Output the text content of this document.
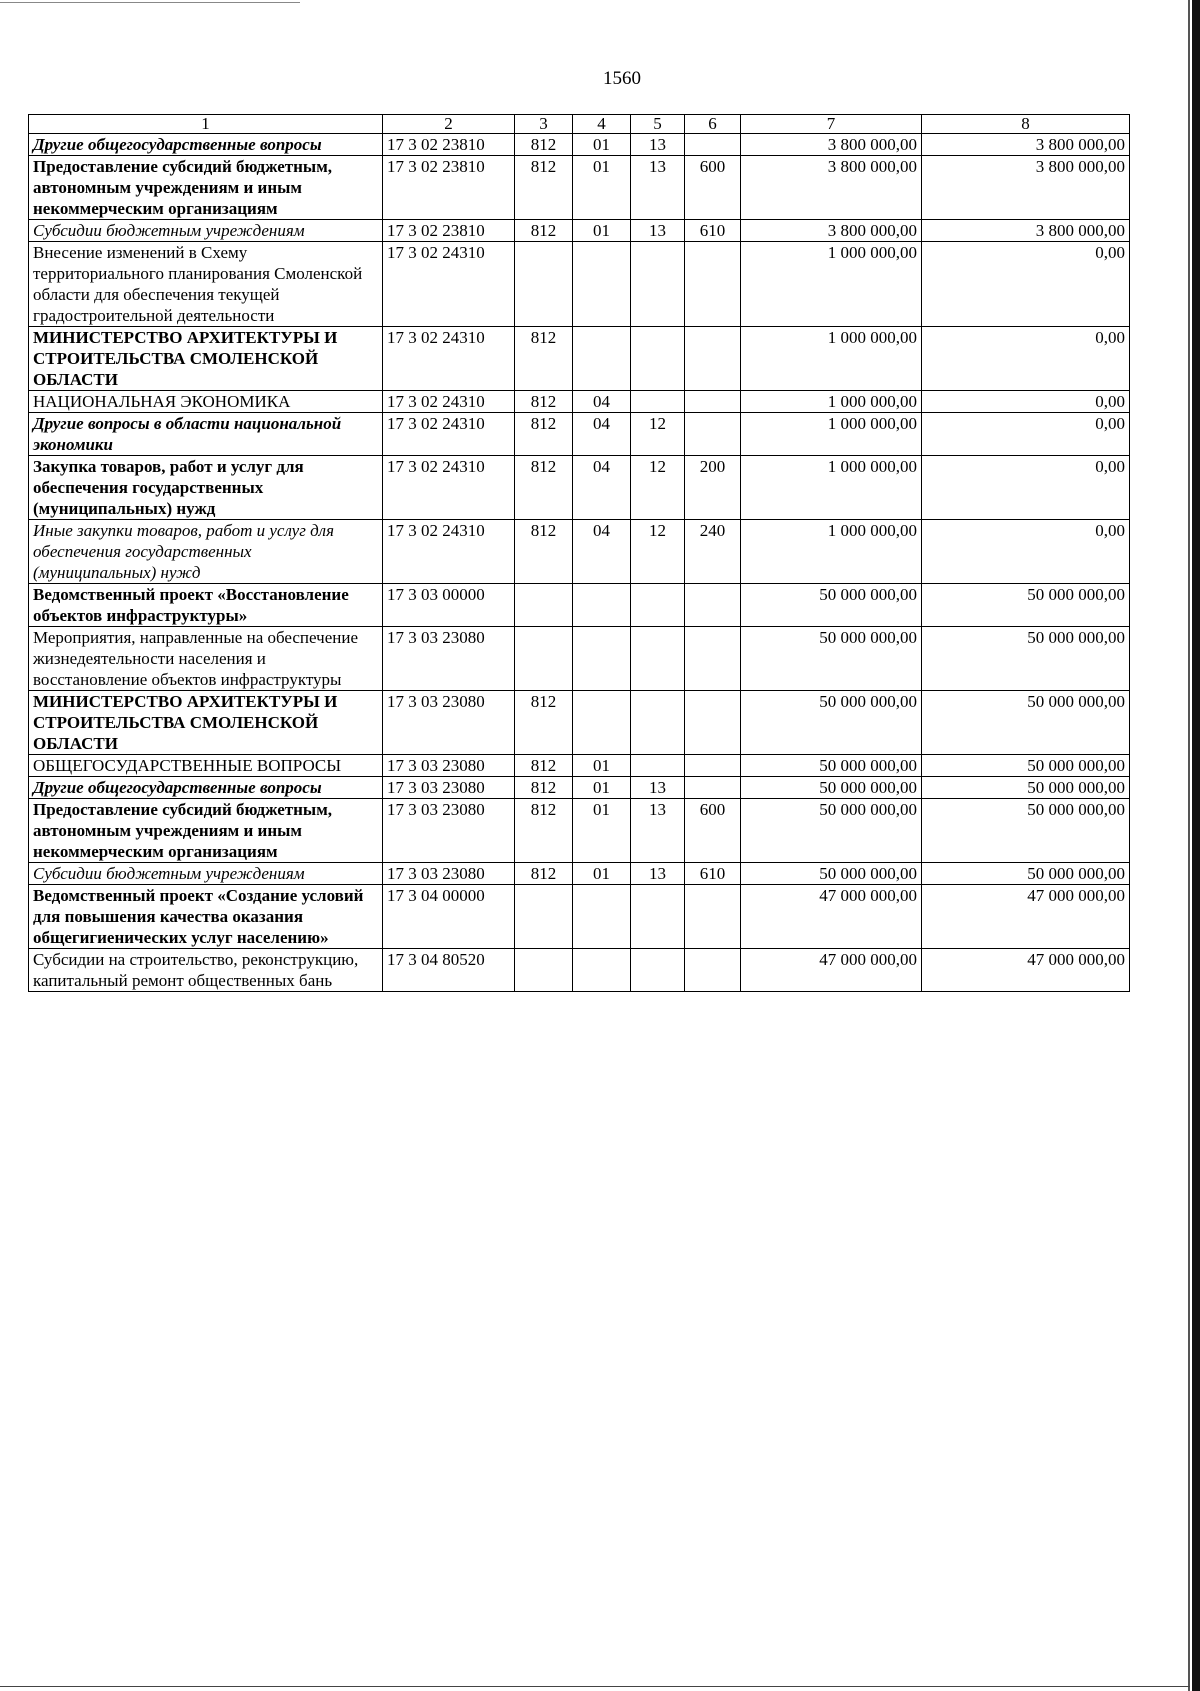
1560
1	2	3	4	5	6	7	8
Другие общегосударственные вопросы	17 3 02 23810	812	01	13		3 800 000,00	3 800 000,00
Предоставление субсидий бюджетным, автономным учреждениям и иным некоммерческим организациям	17 3 02 23810	812	01	13	600	3 800 000,00	3 800 000,00
Субсидии бюджетным учреждениям	17 3 02 23810	812	01	13	610	3 800 000,00	3 800 000,00
Внесение изменений в Схему территориального планирования Смоленской области для обеспечения текущей градостроительной деятельности	17 3 02 24310					1 000 000,00	0,00
МИНИСТЕРСТВО АРХИТЕКТУРЫ И СТРОИТЕЛЬСТВА СМОЛЕНСКОЙ ОБЛАСТИ	17 3 02 24310	812				1 000 000,00	0,00
НАЦИОНАЛЬНАЯ ЭКОНОМИКА	17 3 02 24310	812	04			1 000 000,00	0,00
Другие вопросы в области национальной экономики	17 3 02 24310	812	04	12		1 000 000,00	0,00
Закупка товаров, работ и услуг для обеспечения государственных (муниципальных) нужд	17 3 02 24310	812	04	12	200	1 000 000,00	0,00
Иные закупки товаров, работ и услуг для обеспечения государственных (муниципальных) нужд	17 3 02 24310	812	04	12	240	1 000 000,00	0,00
Ведомственный проект «Восстановление объектов инфраструктуры»	17 3 03 00000					50 000 000,00	50 000 000,00
Мероприятия, направленные на обеспечение жизнедеятельности населения и восстановление объектов инфраструктуры	17 3 03 23080					50 000 000,00	50 000 000,00
МИНИСТЕРСТВО АРХИТЕКТУРЫ И СТРОИТЕЛЬСТВА СМОЛЕНСКОЙ ОБЛАСТИ	17 3 03 23080	812				50 000 000,00	50 000 000,00
ОБЩЕГОСУДАРСТВЕННЫЕ ВОПРОСЫ	17 3 03 23080	812	01			50 000 000,00	50 000 000,00
Другие общегосударственные вопросы	17 3 03 23080	812	01	13		50 000 000,00	50 000 000,00
Предоставление субсидий бюджетным, автономным учреждениям и иным некоммерческим организациям	17 3 03 23080	812	01	13	600	50 000 000,00	50 000 000,00
Субсидии бюджетным учреждениям	17 3 03 23080	812	01	13	610	50 000 000,00	50 000 000,00
Ведомственный проект «Создание условий для повышения качества оказания общегигиенических услуг населению»	17 3 04 00000					47 000 000,00	47 000 000,00
Субсидии на строительство, реконструкцию, капитальный ремонт общественных бань	17 3 04 80520					47 000 000,00	47 000 000,00
